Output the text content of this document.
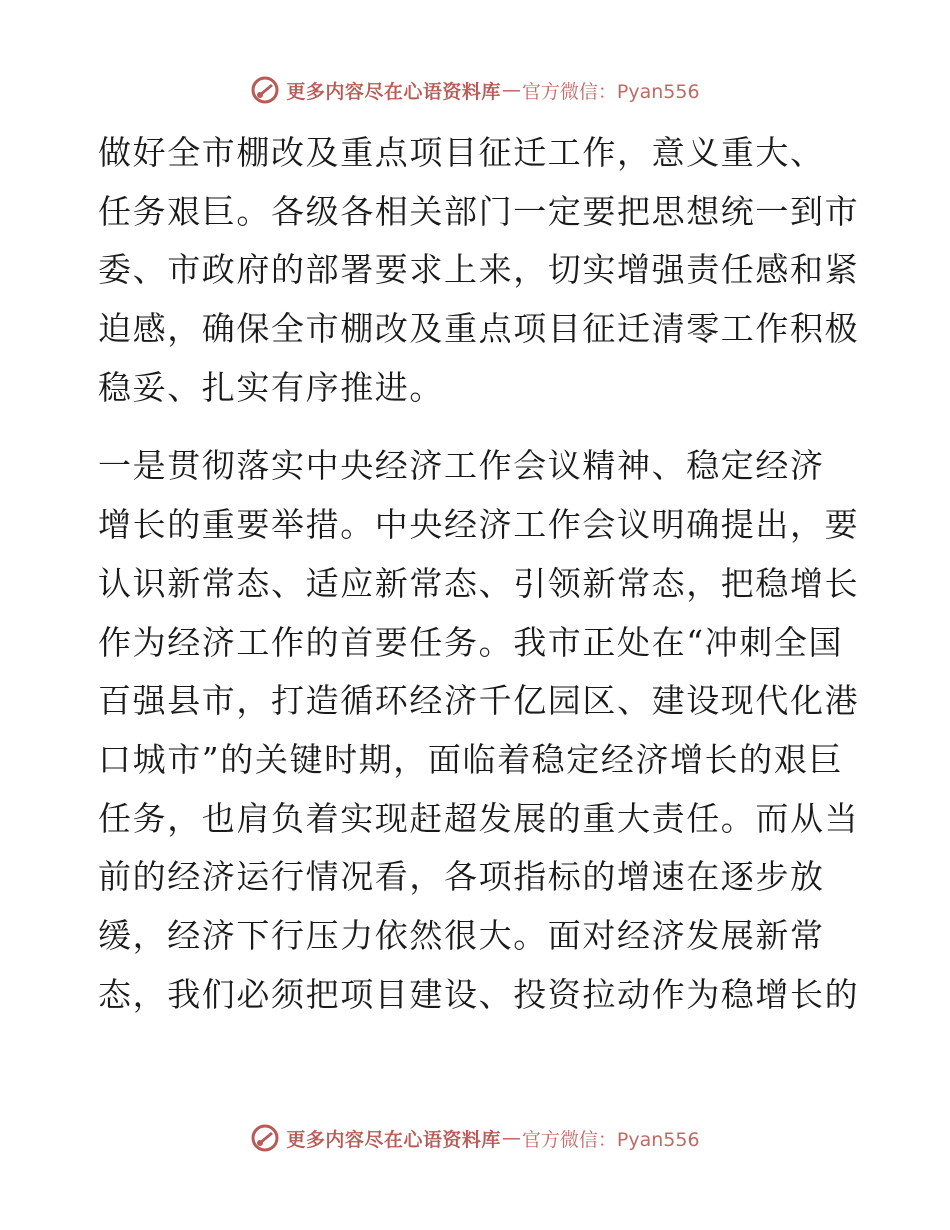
更多内容尽在心语资料库 — 官方微信：Pyan556
做好全市棚改及重点项目征迁工作，意义重大、
任务艰巨。各级各相关部门一定要把思想统一到市
委、市政府的部署要求上来，切实增强责任感和紧
迫感，确保全市棚改及重点项目征迁清零工作积极
稳妥、扎实有序推进。
一是贯彻落实中央经济工作会议精神、稳定经济
增长的重要举措。中央经济工作会议明确提出，要
认识新常态、适应新常态、引领新常态，把稳增长
作为经济工作的首要任务。我市正处在“冲刺全国
百强县市，打造循环经济千亿园区、建设现代化港
口城市”的关键时期，面临着稳定经济增长的艰巨
任务，也肩负着实现赶超发展的重大责任。而从当
前的经济运行情况看，各项指标的增速在逐步放
缓，经济下行压力依然很大。面对经济发展新常
态，我们必须把项目建设、投资拉动作为稳增长的
更多内容尽在心语资料库 — 官方微信：Pyan556
